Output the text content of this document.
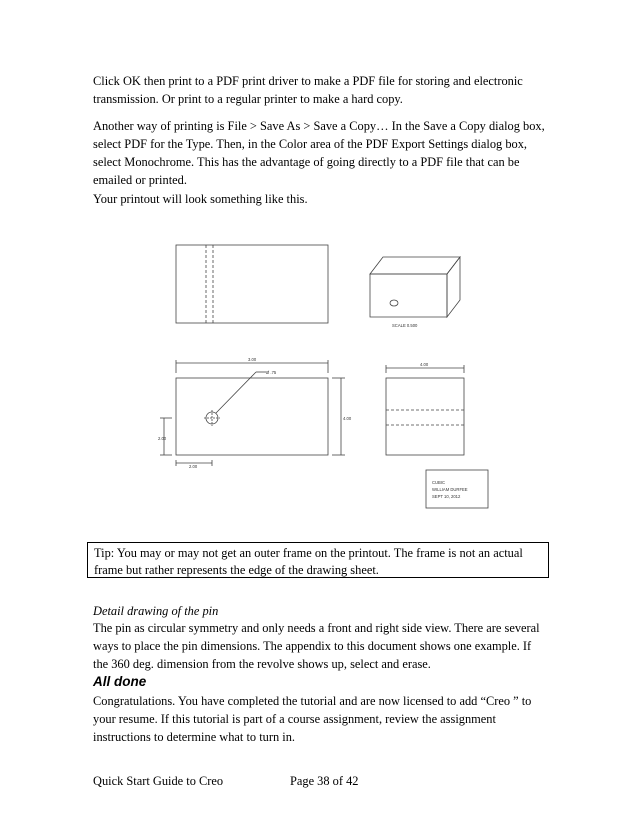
Click OK then print to a PDF print driver to make a PDF file for storing and electronic transmission. Or print to a regular printer to make a hard copy.

Another way of printing is File > Save As > Save a Copy… In the Save a Copy dialog box, select PDF for the Type. Then, in the Color area of the PDF Export Settings dialog box, select Monochrome. This has the advantage of going directly to a PDF file that can be emailed or printed.

Your printout will look something like this.

SCALE 0.500
3.00
Ø .75
4.00
2.00
2.00
4.00
CUBIC
WILLIAM DURFEE
SEPT 10, 2012
Tip: You may or may not get an outer frame on the printout. The frame is not an actual frame but rather represents the edge of the drawing sheet.

Detail drawing of the pin

The pin as circular symmetry and only needs a front and right side view. There are several ways to place the pin dimensions. The appendix to this document shows one example. If the 360 deg. dimension from the revolve shows up, select and erase.

All done

Congratulations. You have completed the tutorial and are now licensed to add “Creo ” to your resume. If this tutorial is part of a course assignment, review the assignment instructions to determine what to turn in.

Quick Start Guide to Creo	Page 38 of 42
